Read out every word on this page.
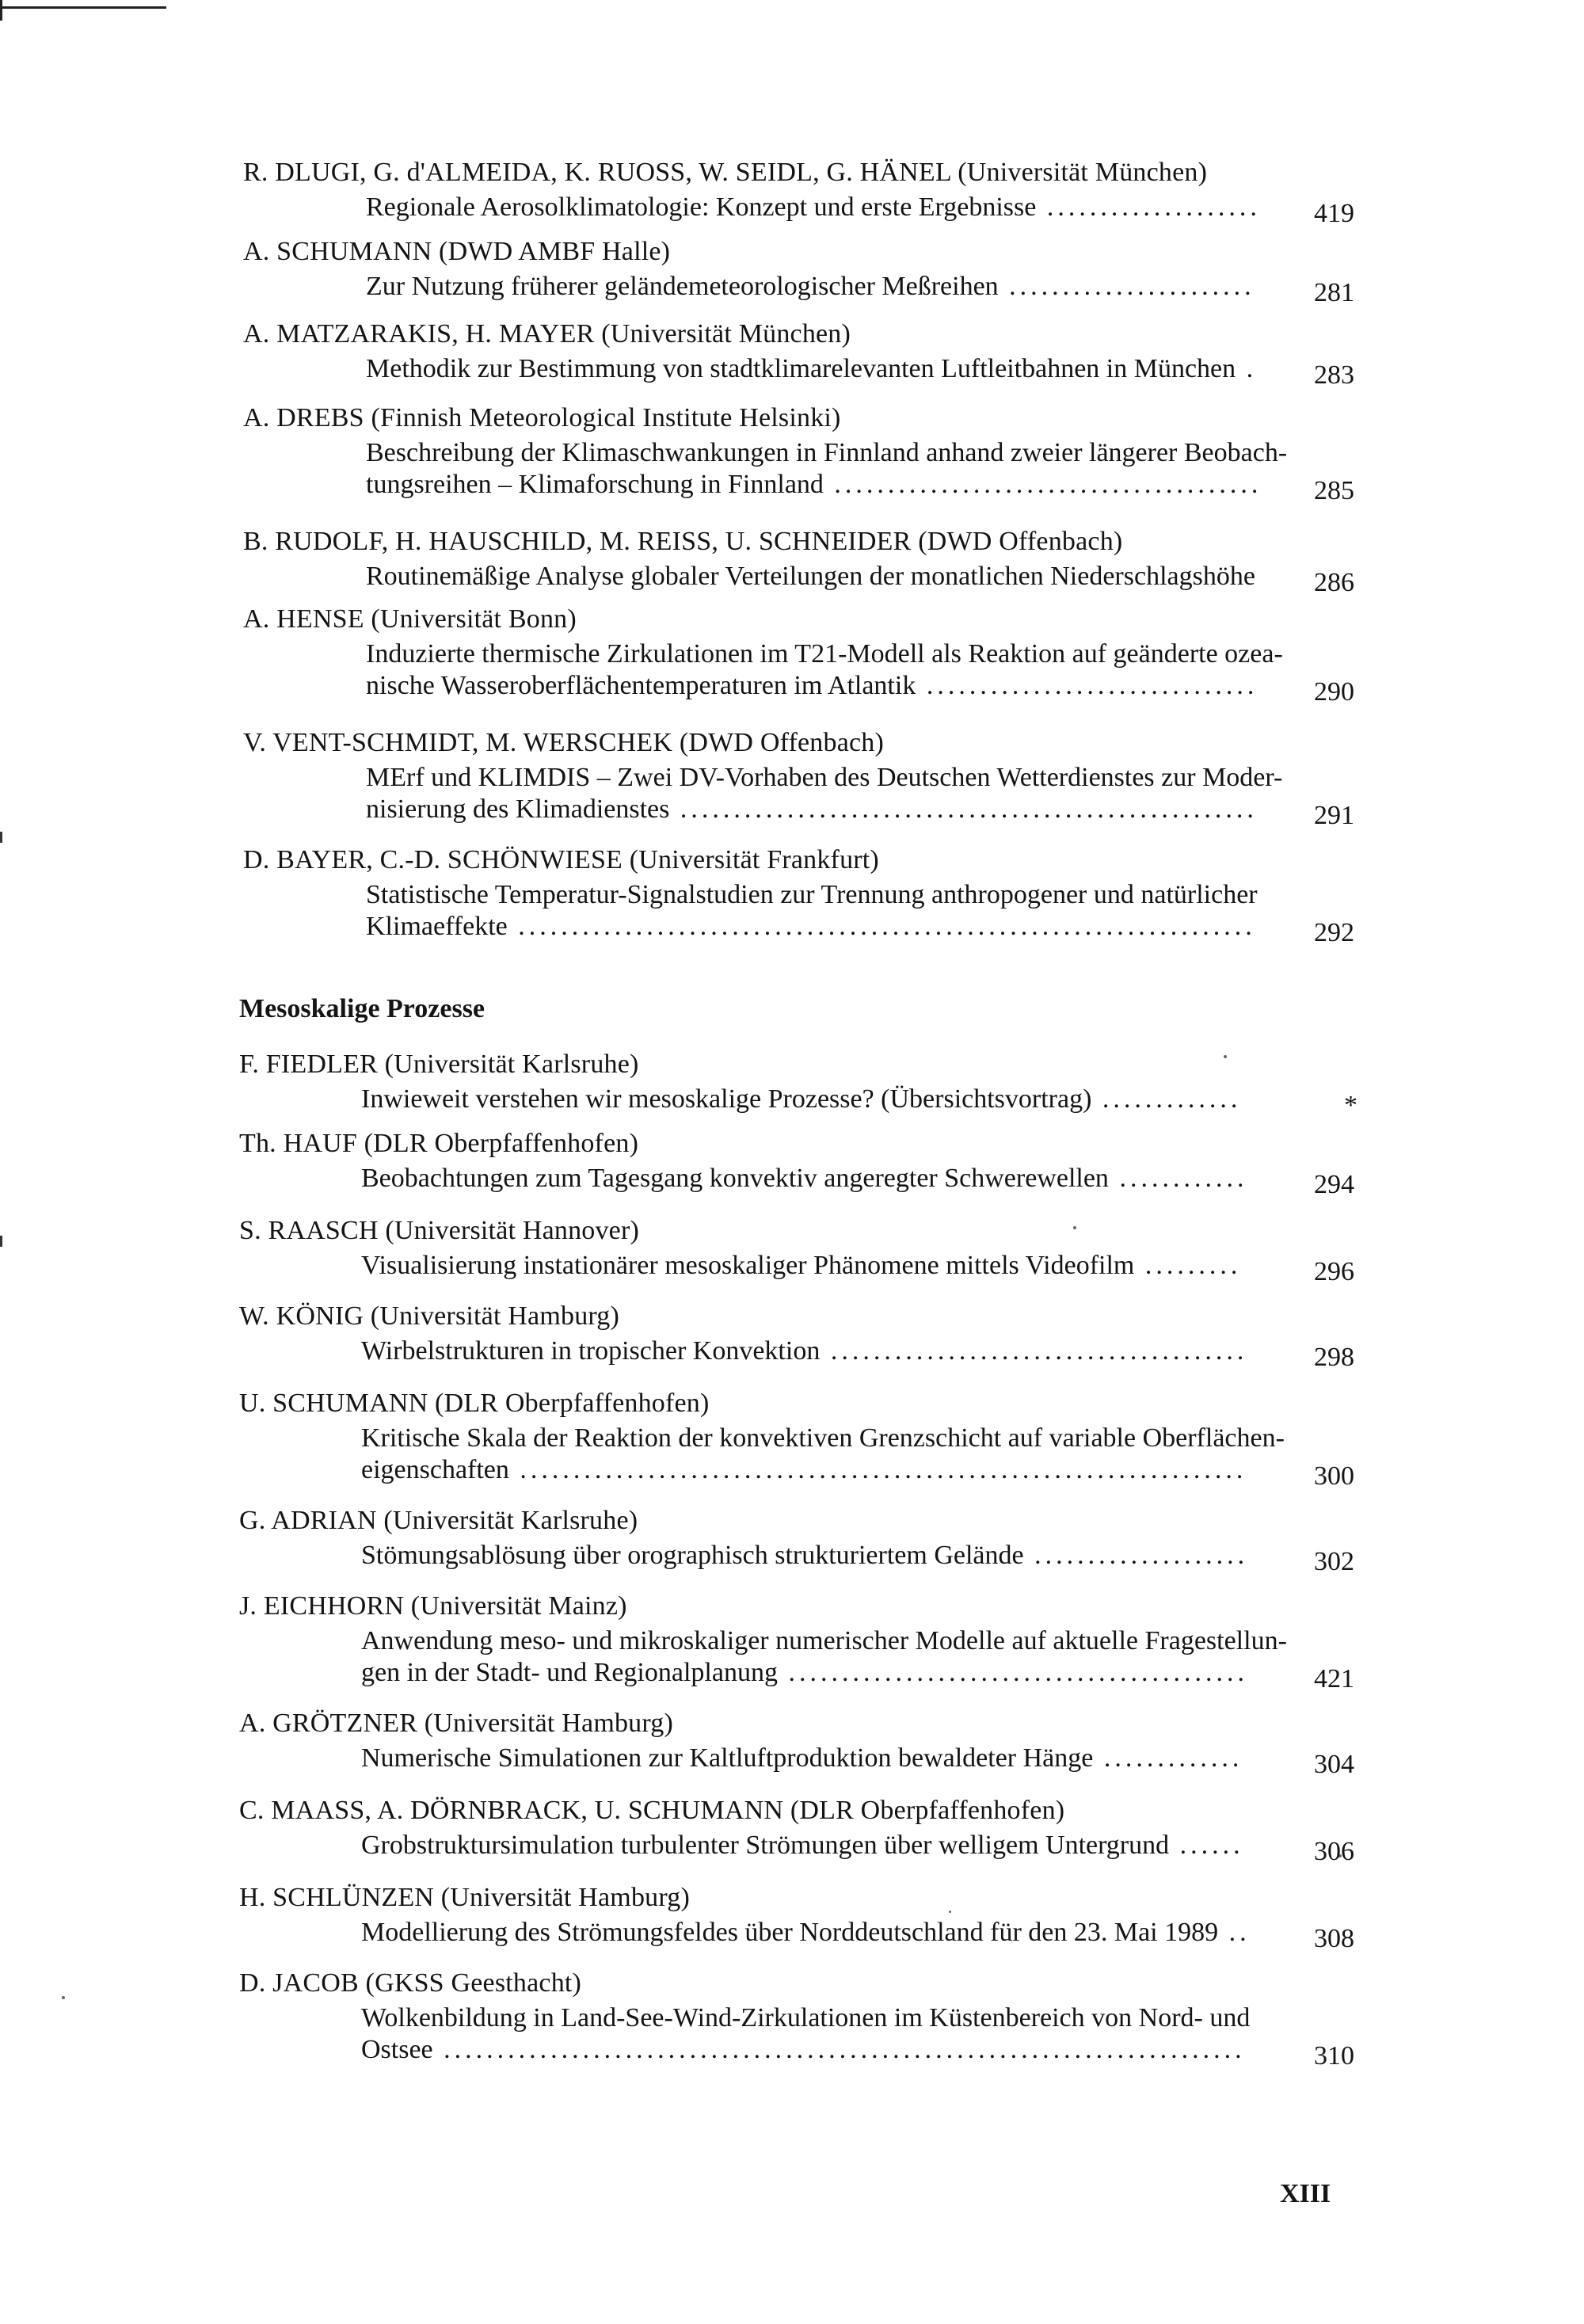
R. DLUGI, G. d'ALMEIDA, K. RUOSS, W. SEIDL, G. HÄNEL (Universität München)
Regionale Aerosolklimatologie: Konzept und erste Ergebnisse ....................	419
A. SCHUMANN (DWD AMBF Halle)
Zur Nutzung früherer geländemeteorologischer Meßreihen .......................	281
A. MATZARAKIS, H. MAYER (Universität München)
Methodik zur Bestimmung von stadtklimarelevanten Luftleitbahnen in München .	283
A. DREBS (Finnish Meteorological Institute Helsinki)
Beschreibung der Klimaschwankungen in Finnland anhand zweier längerer Beobach-
tungsreihen – Klimaforschung in Finnland ........................................	285
B. RUDOLF, H. HAUSCHILD, M. REISS, U. SCHNEIDER (DWD Offenbach)
Routinemäßige Analyse globaler Verteilungen der monatlichen Niederschlagshöhe	286
A. HENSE (Universität Bonn)
Induzierte thermische Zirkulationen im T21-Modell als Reaktion auf geänderte ozea-
nische Wasseroberflächentemperaturen im Atlantik ...............................	290
V. VENT-SCHMIDT, M. WERSCHEK (DWD Offenbach)
MErf und KLIMDIS – Zwei DV-Vorhaben des Deutschen Wetterdienstes zur Moder-
nisierung des Klimadienstes ......................................................	291
D. BAYER, C.-D. SCHÖNWIESE (Universität Frankfurt)
Statistische Temperatur-Signalstudien zur Trennung anthropogener und natürlicher
Klimaeffekte .....................................................................	292
F. FIEDLER (Universität Karlsruhe)
Inwieweit verstehen wir mesoskalige Prozesse? (Übersichtsvortrag) .............	*
Th. HAUF (DLR Oberpfaffenhofen)
Beobachtungen zum Tagesgang konvektiv angeregter Schwerewellen ............	294
S. RAASCH (Universität Hannover)
Visualisierung instationärer mesoskaliger Phänomene mittels Videofilm .........	296
W. KÖNIG (Universität Hamburg)
Wirbelstrukturen in tropischer Konvektion .......................................	298
U. SCHUMANN (DLR Oberpfaffenhofen)
Kritische Skala der Reaktion der konvektiven Grenzschicht auf variable Oberflächen-
eigenschaften ....................................................................	300
G. ADRIAN (Universität Karlsruhe)
Stömungsablösung über orographisch strukturiertem Gelände ....................	302
J. EICHHORN (Universität Mainz)
Anwendung meso- und mikroskaliger numerischer Modelle auf aktuelle Fragestellun-
gen in der Stadt- und Regionalplanung ...........................................	421
A. GRÖTZNER (Universität Hamburg)
Numerische Simulationen zur Kaltluftproduktion bewaldeter Hänge .............	304
C. MAASS, A. DÖRNBRACK, U. SCHUMANN (DLR Oberpfaffenhofen)
Grobstruktursimulation turbulenter Strömungen über welligem Untergrund ......	306
H. SCHLÜNZEN (Universität Hamburg)
Modellierung des Strömungsfeldes über Norddeutschland für den 23. Mai 1989 ..	308
D. JACOB (GKSS Geesthacht)
Wolkenbildung in Land-See-Wind-Zirkulationen im Küstenbereich von Nord- und
Ostsee ...........................................................................	310
Mesoskalige Prozesse
XIII
